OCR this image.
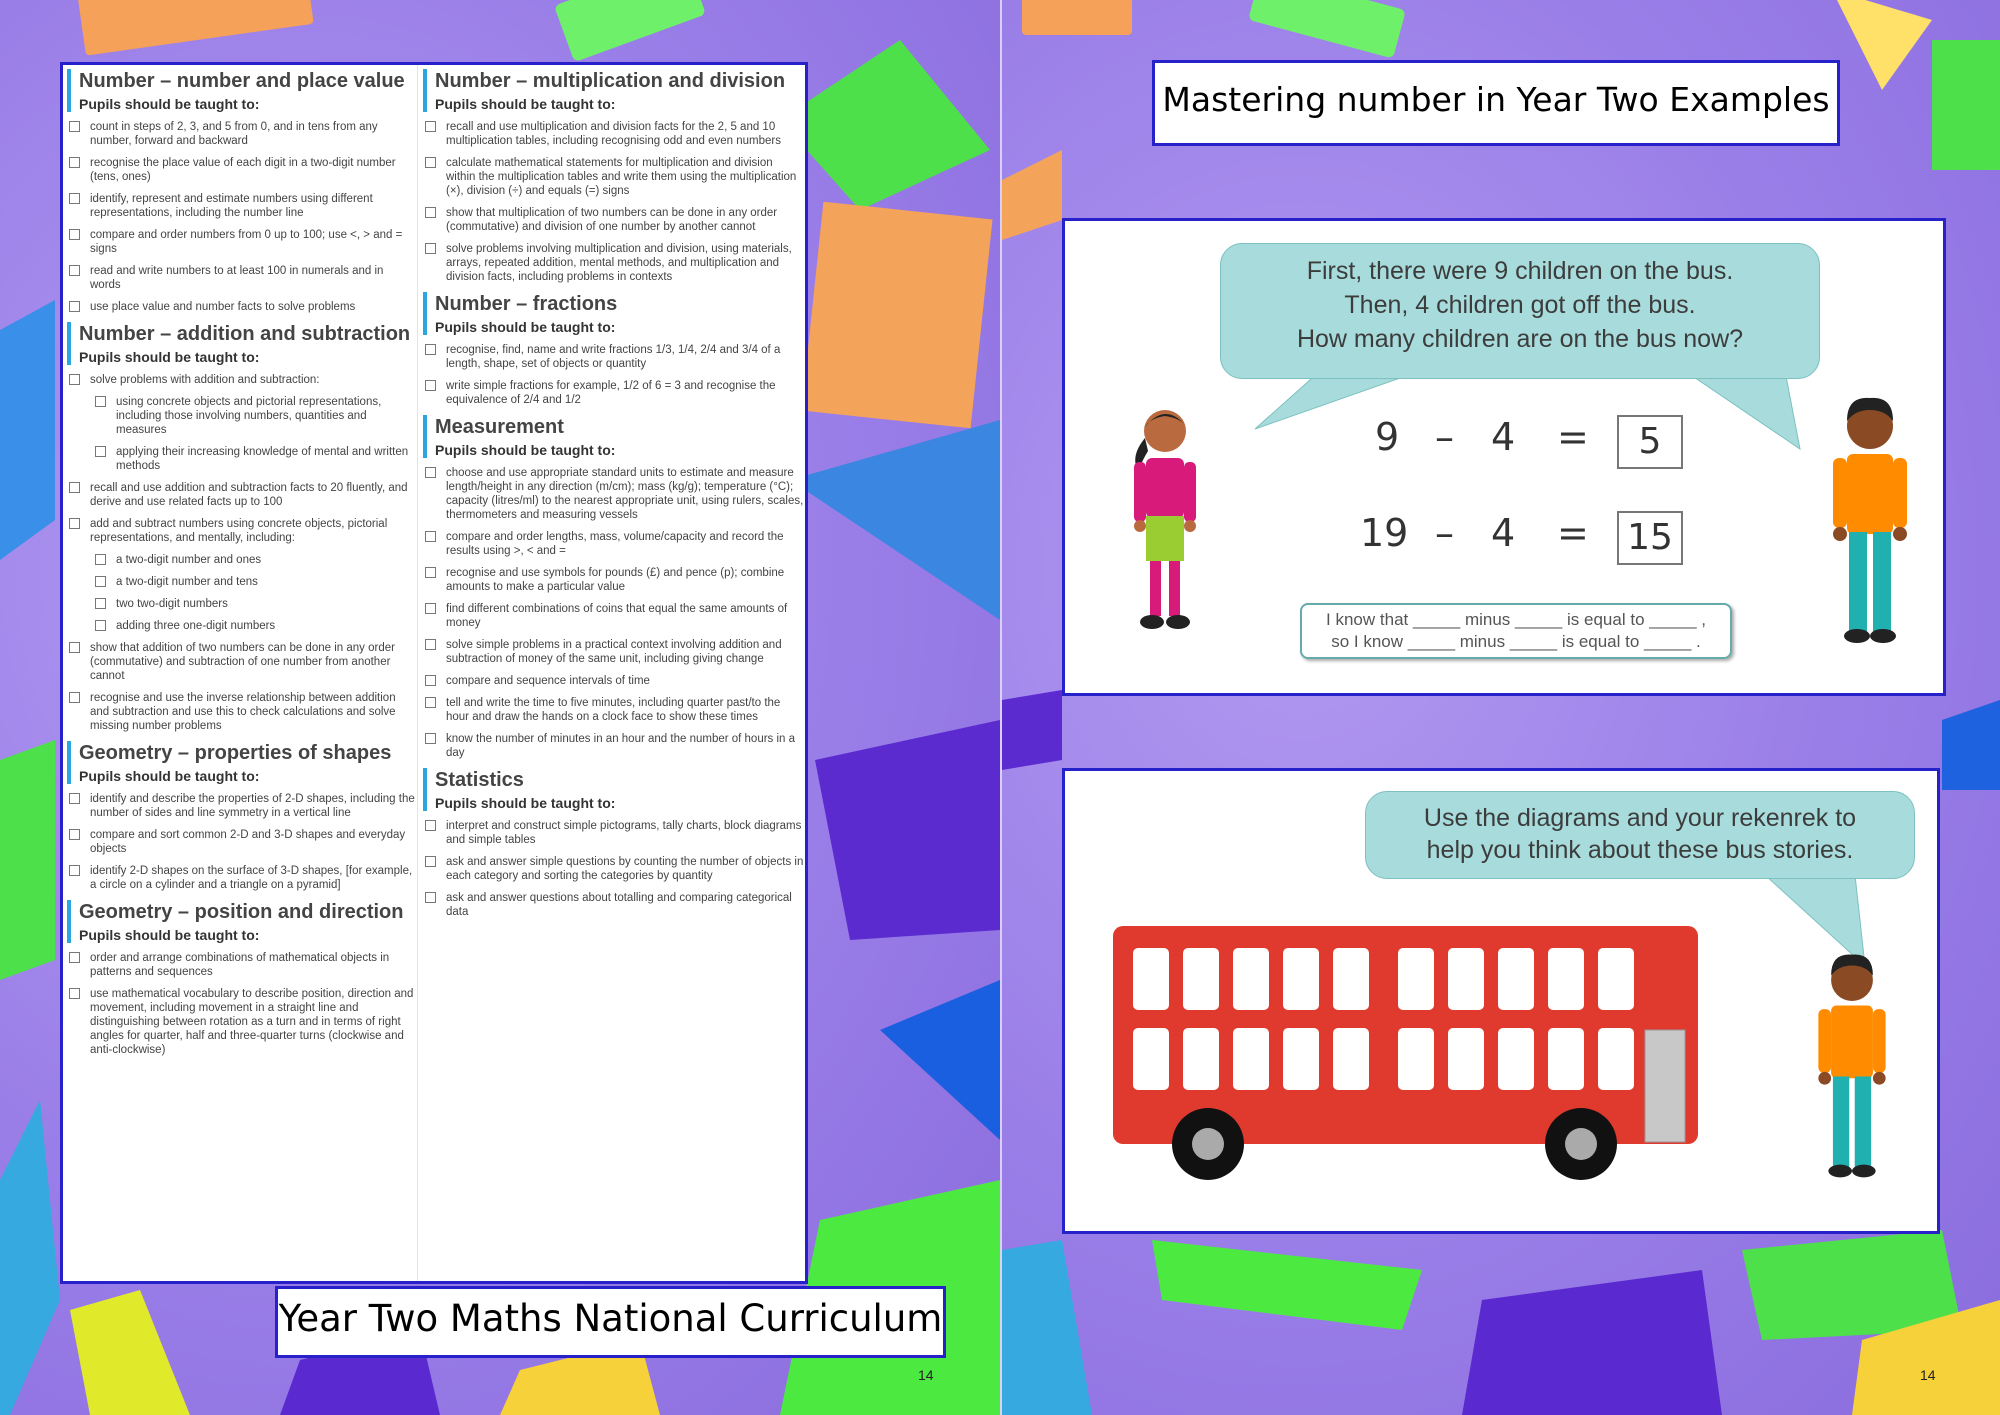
Number – number and place value
Pupils should be taught to:
count in steps of 2, 3, and 5 from 0, and in tens from any number, forward and backward
recognise the place value of each digit in a two-digit number (tens, ones)
identify, represent and estimate numbers using different representations, including the number line
compare and order numbers from 0 up to 100; use <, > and = signs
read and write numbers to at least 100 in numerals and in words
use place value and number facts to solve problems
Number – addition and subtraction
Pupils should be taught to:
solve problems with addition and subtraction:
using concrete objects and pictorial representations, including those involving numbers, quantities and measures
applying their increasing knowledge of mental and written methods
recall and use addition and subtraction facts to 20 fluently, and derive and use related facts up to 100
add and subtract numbers using concrete objects, pictorial representations, and mentally, including:
a two-digit number and ones
a two-digit number and tens
two two-digit numbers
adding three one-digit numbers
show that addition of two numbers can be done in any order (commutative) and subtraction of one number from another cannot
recognise and use the inverse relationship between addition and subtraction and use this to check calculations and solve missing number problems
Geometry – properties of shapes
Pupils should be taught to:
identify and describe the properties of 2-D shapes, including the number of sides and line symmetry in a vertical line
compare and sort common 2-D and 3-D shapes and everyday objects
identify 2-D shapes on the surface of 3-D shapes, [for example, a circle on a cylinder and a triangle on a pyramid]
Geometry – position and direction
Pupils should be taught to:
order and arrange combinations of mathematical objects in patterns and sequences
use mathematical vocabulary to describe position, direction and movement, including movement in a straight line and distinguishing between rotation as a turn and in terms of right angles for quarter, half and three-quarter turns (clockwise and anti-clockwise)
Number – multiplication and division
Pupils should be taught to:
recall and use multiplication and division facts for the 2, 5 and 10 multiplication tables, including recognising odd and even numbers
calculate mathematical statements for multiplication and division within the multiplication tables and write them using the multiplication (×), division (÷) and equals (=) signs
show that multiplication of two numbers can be done in any order (commutative) and division of one number by another cannot
solve problems involving multiplication and division, using materials, arrays, repeated addition, mental methods, and multiplication and division facts, including problems in contexts
Number – fractions
Pupils should be taught to:
recognise, find, name and write fractions 1/3, 1/4, 2/4 and 3/4 of a length, shape, set of objects or quantity
write simple fractions for example, 1/2 of 6 = 3 and recognise the equivalence of 2/4 and 1/2
Measurement
Pupils should be taught to:
choose and use appropriate standard units to estimate and measure length/height in any direction (m/cm); mass (kg/g); temperature (°C); capacity (litres/ml) to the nearest appropriate unit, using rulers, scales, thermometers and measuring vessels
compare and order lengths, mass, volume/capacity and record the results using >, < and =
recognise and use symbols for pounds (£) and pence (p); combine amounts to make a particular value
find different combinations of coins that equal the same amounts of money
solve simple problems in a practical context involving addition and subtraction of money of the same unit, including giving change
compare and sequence intervals of time
tell and write the time to five minutes, including quarter past/to the hour and draw the hands on a clock face to show these times
know the number of minutes in an hour and the number of hours in a day
Statistics
Pupils should be taught to:
interpret and construct simple pictograms, tally charts, block diagrams and simple tables
ask and answer simple questions by counting the number of objects in each category and sorting the categories by quantity
ask and answer questions about totalling and comparing categorical data
Year Two Maths National Curriculum
14
Mastering number in Year Two Examples
First, there were 9 children on the bus.
Then, 4 children got off the bus.
How many children are on the bus now?
9 – 4 =	5
19 – 4 = 15
I know that _____ minus _____ is equal to _____ ,
so I know _____ minus _____ is equal to _____ .
Use the diagrams and your rekenrek to
help you think about these bus stories.
14
